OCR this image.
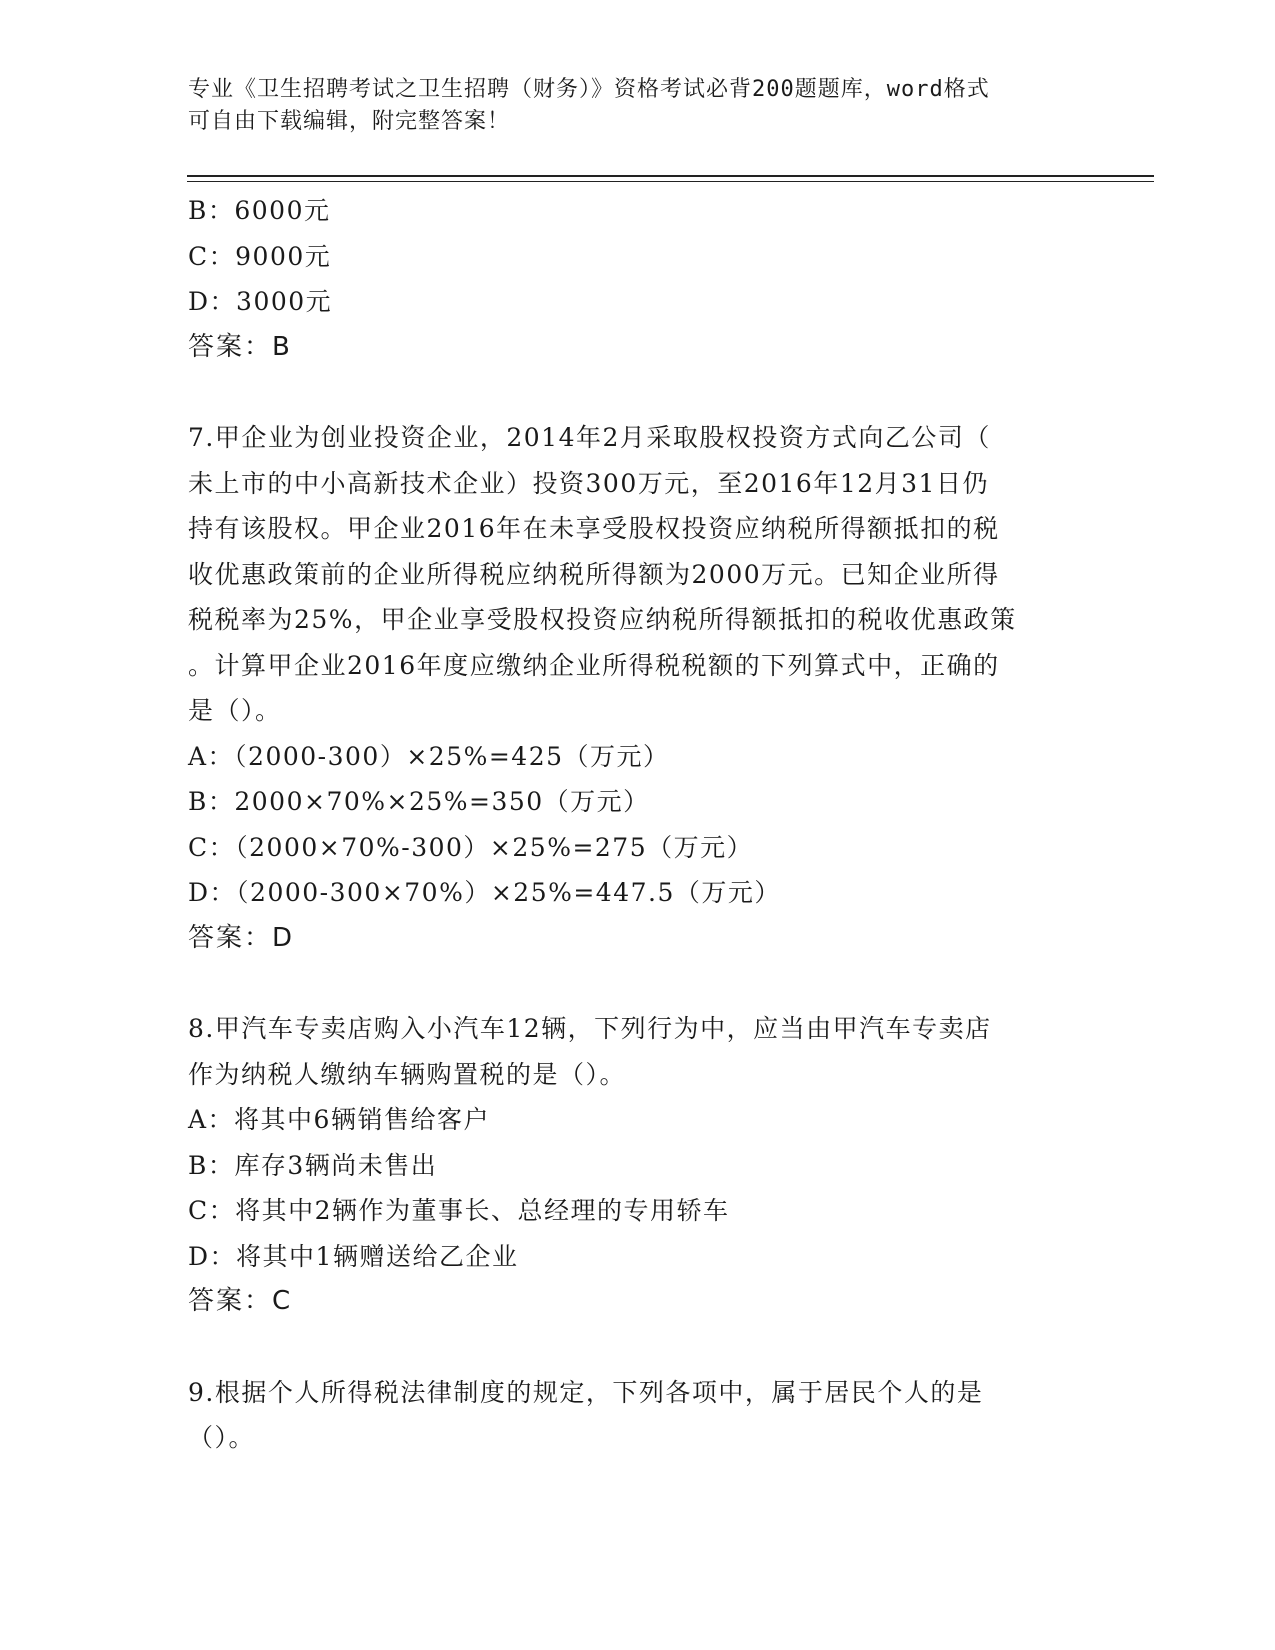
专业《卫生招聘考试之卫生招聘（财务）》资格考试必背200题题库，word格式
可自由下载编辑，附完整答案！
B：6000元
C：9000元
D：3000元
答案：B
7.甲企业为创业投资企业，2014年2月采取股权投资方式向乙公司（
未上市的中小高新技术企业）投资300万元，至2016年12月31日仍
持有该股权。甲企业2016年在未享受股权投资应纳税所得额抵扣的税
收优惠政策前的企业所得税应纳税所得额为2000万元。已知企业所得
税税率为25%，甲企业享受股权投资应纳税所得额抵扣的税收优惠政策
。计算甲企业2016年度应缴纳企业所得税税额的下列算式中，正确的
是（）。
A：（2000-300）×25%=425（万元）
B：2000×70%×25%=350（万元）
C：（2000×70%-300）×25%=275（万元）
D：（2000-300×70%）×25%=447.5（万元）
答案：D
8.甲汽车专卖店购入小汽车12辆，下列行为中，应当由甲汽车专卖店
作为纳税人缴纳车辆购置税的是（）。
A：将其中6辆销售给客户
B：库存3辆尚未售出
C：将其中2辆作为董事长、总经理的专用轿车
D：将其中1辆赠送给乙企业
答案：C
9.根据个人所得税法律制度的规定，下列各项中，属于居民个人的是
（）。
